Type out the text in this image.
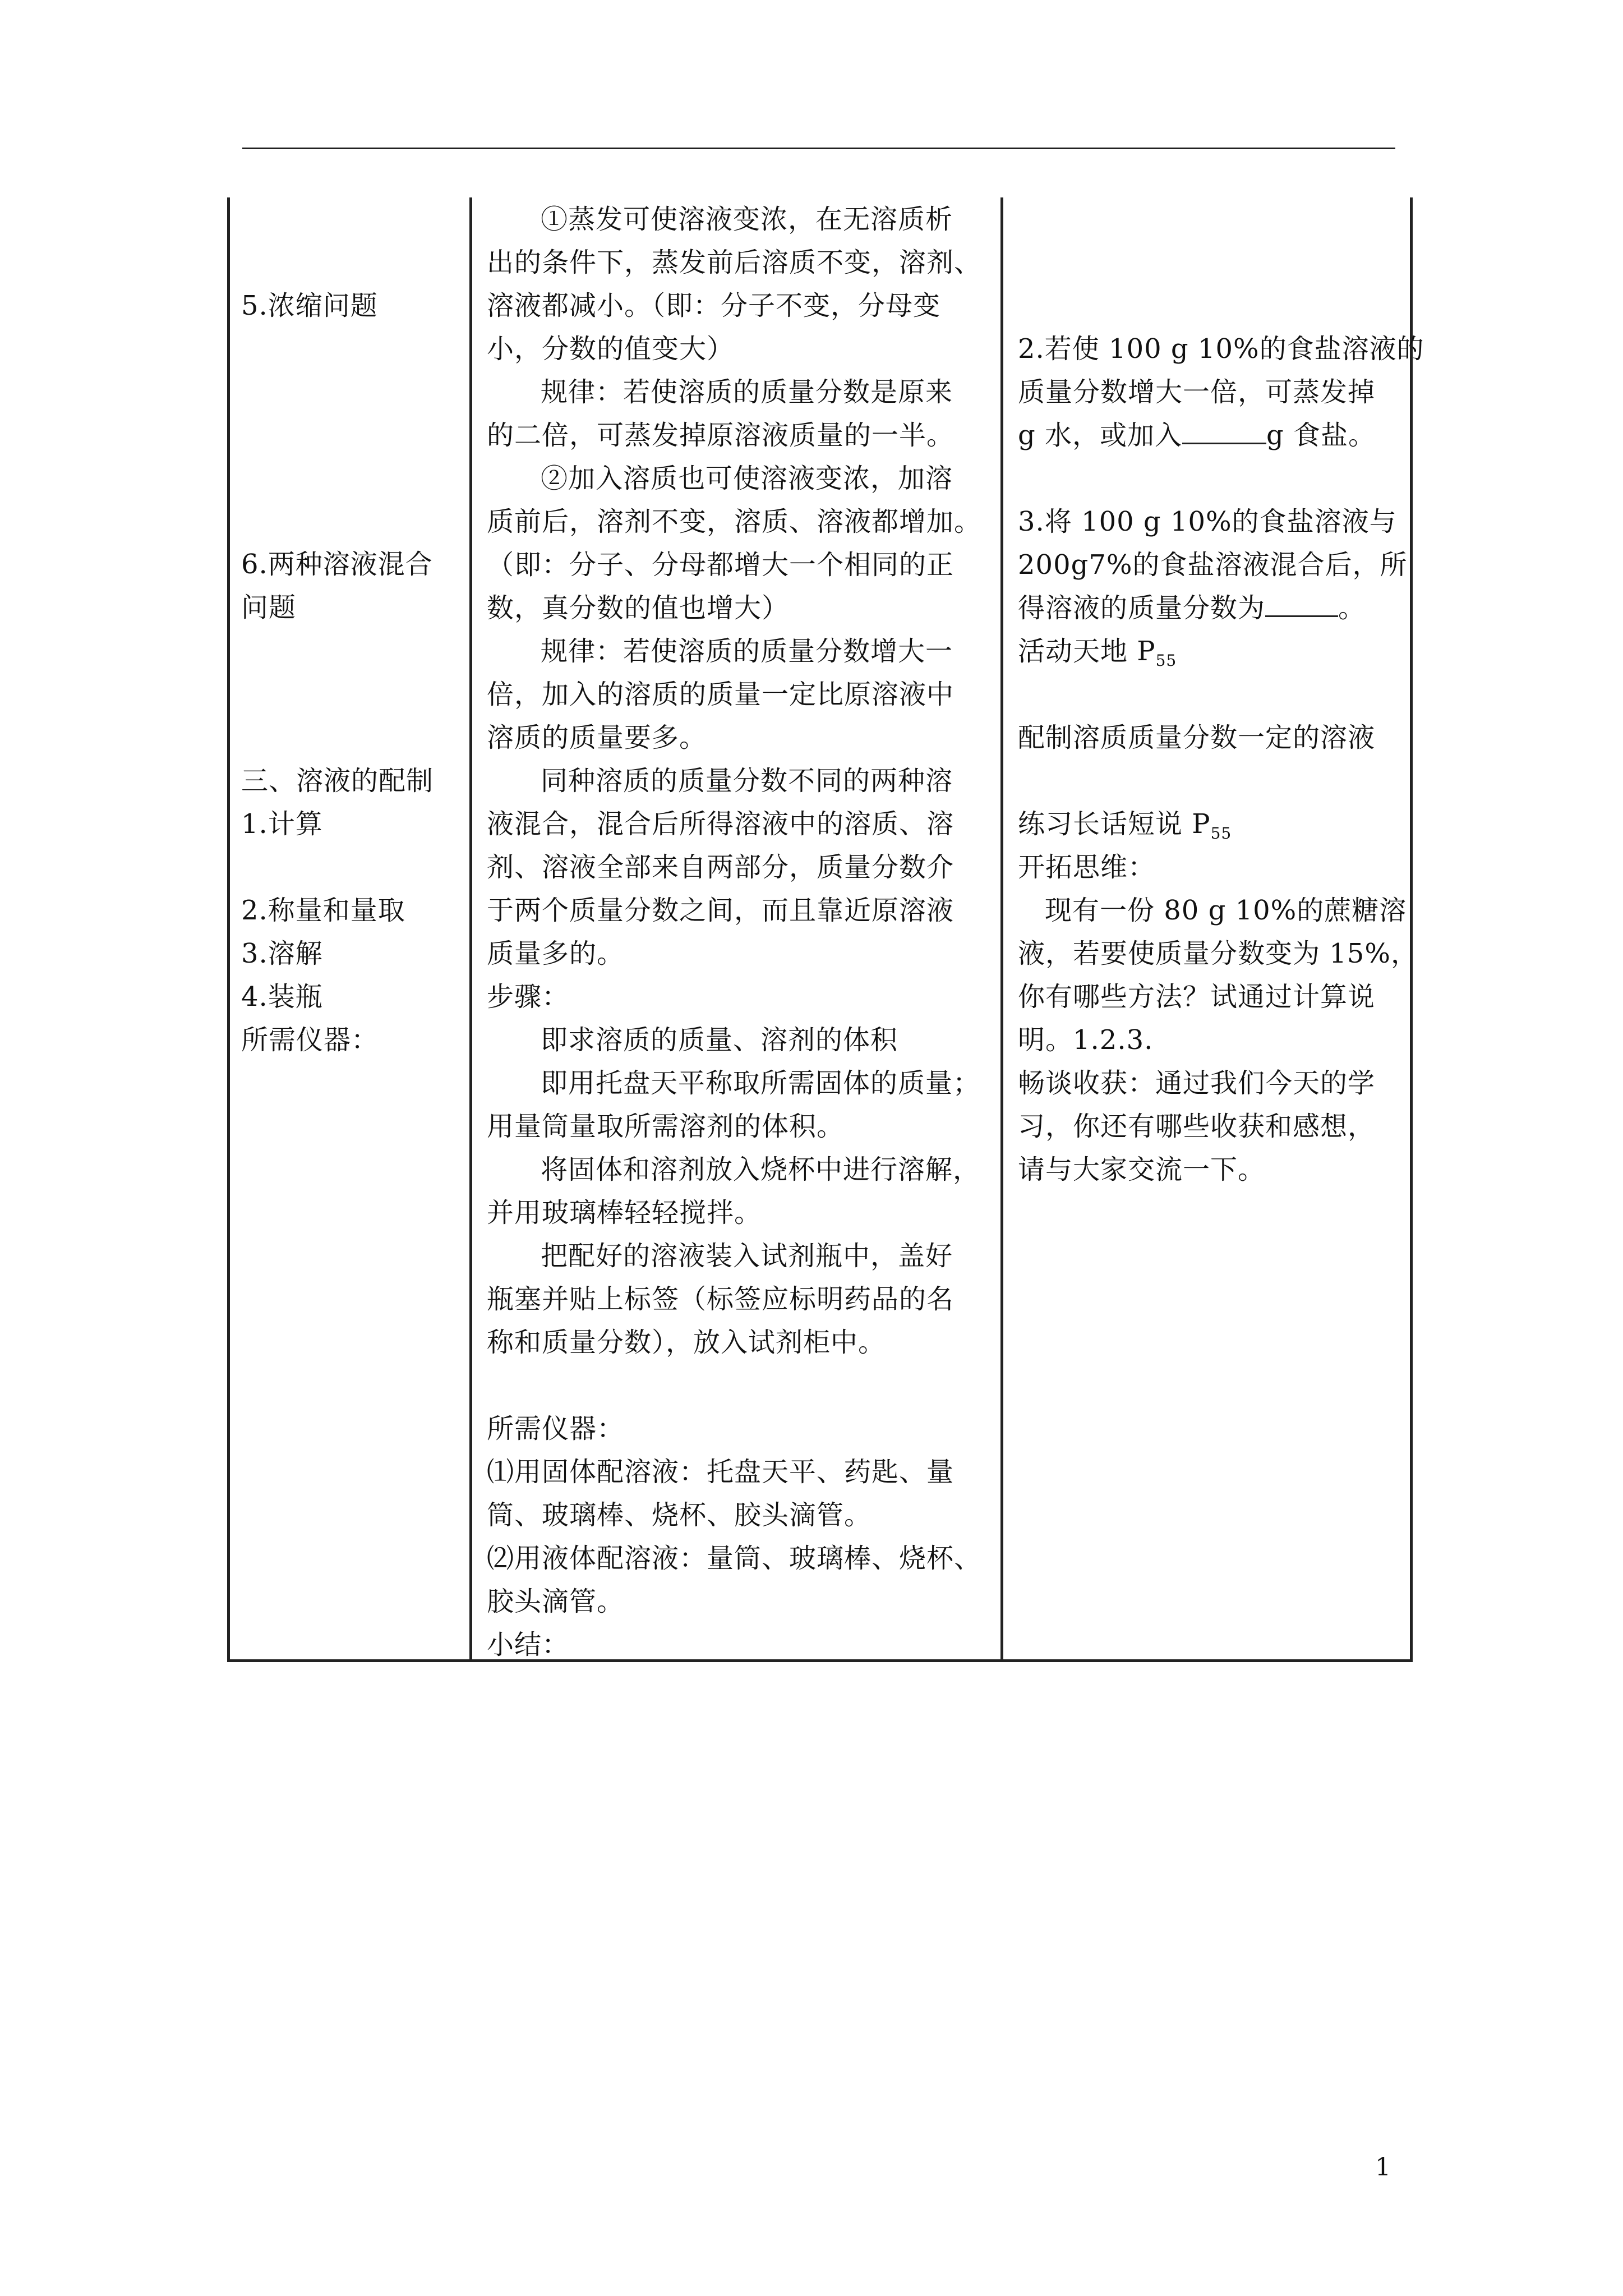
5.浓缩问题
6.两种溶液混合
问题
三、溶液的配制
1.计算
2.称量和量取
3.溶解
4.装瓶
所需仪器：
①蒸发可使溶液变浓，在无溶质析
出的条件下，蒸发前后溶质不变，溶剂、
溶液都减小。（即：分子不变，分母变
小，分数的值变大）
规律：若使溶质的质量分数是原来
的二倍，可蒸发掉原溶液质量的一半。
②加入溶质也可使溶液变浓，加溶
质前后，溶剂不变，溶质、溶液都增加。
（即：分子、分母都增大一个相同的正
数，真分数的值也增大）
规律：若使溶质的质量分数增大一
倍，加入的溶质的质量一定比原溶液中
溶质的质量要多。
同种溶质的质量分数不同的两种溶
液混合，混合后所得溶液中的溶质、溶
剂、溶液全部来自两部分，质量分数介
于两个质量分数之间，而且靠近原溶液
质量多的。
步骤：
即求溶质的质量、溶剂的体积
即用托盘天平称取所需固体的质量；
用量筒量取所需溶剂的体积。
将固体和溶剂放入烧杯中进行溶解，
并用玻璃棒轻轻搅拌。
把配好的溶液装入试剂瓶中，盖好
瓶塞并贴上标签（标签应标明药品的名
称和质量分数），放入试剂柜中。
所需仪器：
⑴用固体配溶液：托盘天平、药匙、量
筒、玻璃棒、烧杯、胶头滴管。
⑵用液体配溶液：量筒、玻璃棒、烧杯、
胶头滴管。
小结：
2.若使 100 g 10%的食盐溶液的
质量分数增大一倍，可蒸发掉
g 水，或加入	g 食盐。
3.将 100 g 10%的食盐溶液与
200g7%的食盐溶液混合后，所
得溶液的质量分数为	。
活动天地 $P_{55}$
配制溶质质量分数一定的溶液
练习长话短说 $P_{55}$
开拓思维：
现有一份 80 g 10%的蔗糖溶
液，若要使质量分数变为 15%，
你有哪些方法？试通过计算说
明。1.2.3.
畅谈收获：通过我们今天的学
习，你还有哪些收获和感想，
请与大家交流一下。
1
